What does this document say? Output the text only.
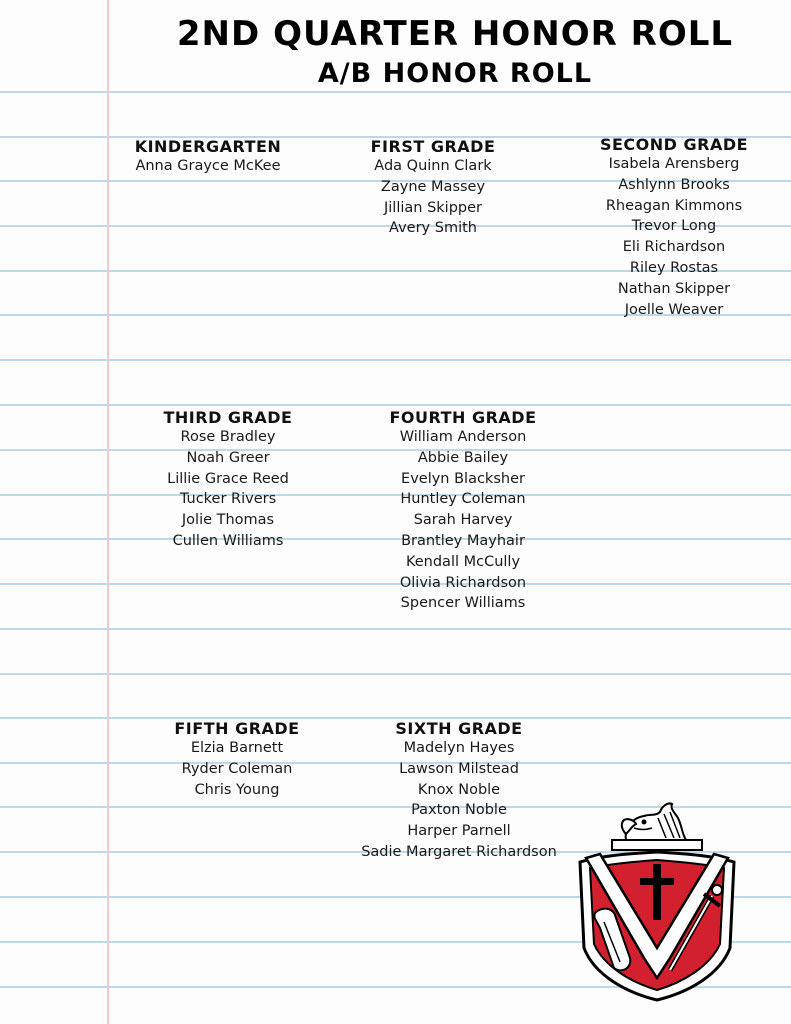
2ND QUARTER HONOR ROLL
A/B HONOR ROLL
KINDERGARTEN
Anna Grayce McKee
FIRST GRADE
Ada Quinn Clark
Zayne Massey
Jillian Skipper
Avery Smith
SECOND GRADE
Isabela Arensberg
Ashlynn Brooks
Rheagan Kimmons
Trevor Long
Eli Richardson
Riley Rostas
Nathan Skipper
Joelle Weaver
THIRD GRADE
Rose Bradley
Noah Greer
Lillie Grace Reed
Tucker Rivers
Jolie Thomas
Cullen Williams
FOURTH GRADE
William Anderson
Abbie Bailey
Evelyn Blacksher
Huntley Coleman
Sarah Harvey
Brantley Mayhair
Kendall McCully
Olivia Richardson
Spencer Williams
FIFTH GRADE
Elzia Barnett
Ryder Coleman
Chris Young
SIXTH GRADE
Madelyn Hayes
Lawson Milstead
Knox Noble
Paxton Noble
Harper Parnell
Sadie Margaret Richardson
